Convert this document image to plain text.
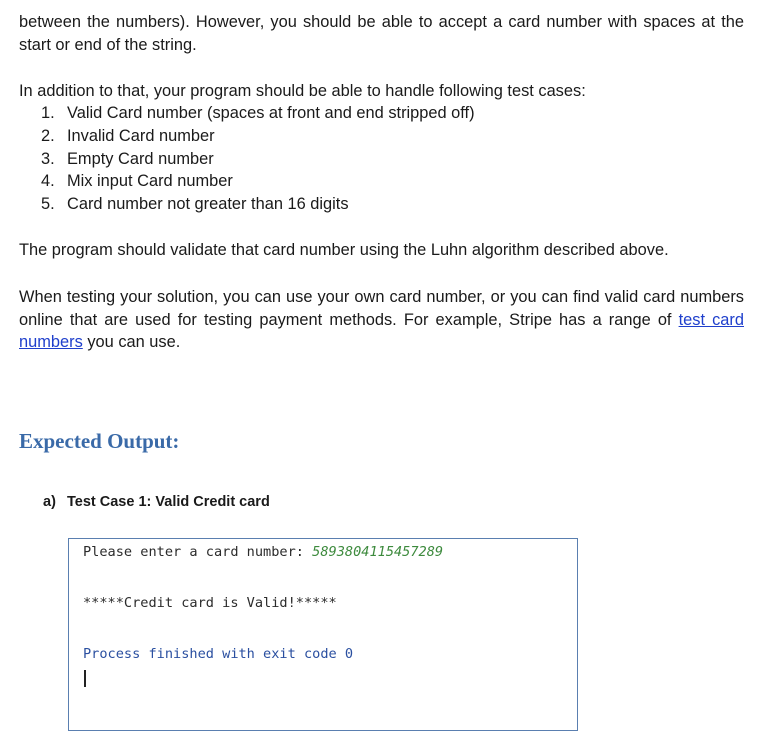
between the numbers). However, you should be able to accept a card number with spaces at the start or end of the string.

In addition to that, your program should be able to handle following test cases:

1. Valid Card number (spaces at front and end stripped off)
2. Invalid Card number
3. Empty Card number
4. Mix input Card number
5. Card number not greater than 16 digits

The program should validate that card number using the Luhn algorithm described above.

When testing your solution, you can use your own card number, or you can find valid card numbers online that are used for testing payment methods. For example, Stripe has a range of test card numbers you can use.

Expected Output:

a) Test Case 1: Valid Credit card

Please enter a card number: 5893804115457289
*****Credit card is Valid!*****
Process finished with exit code 0
